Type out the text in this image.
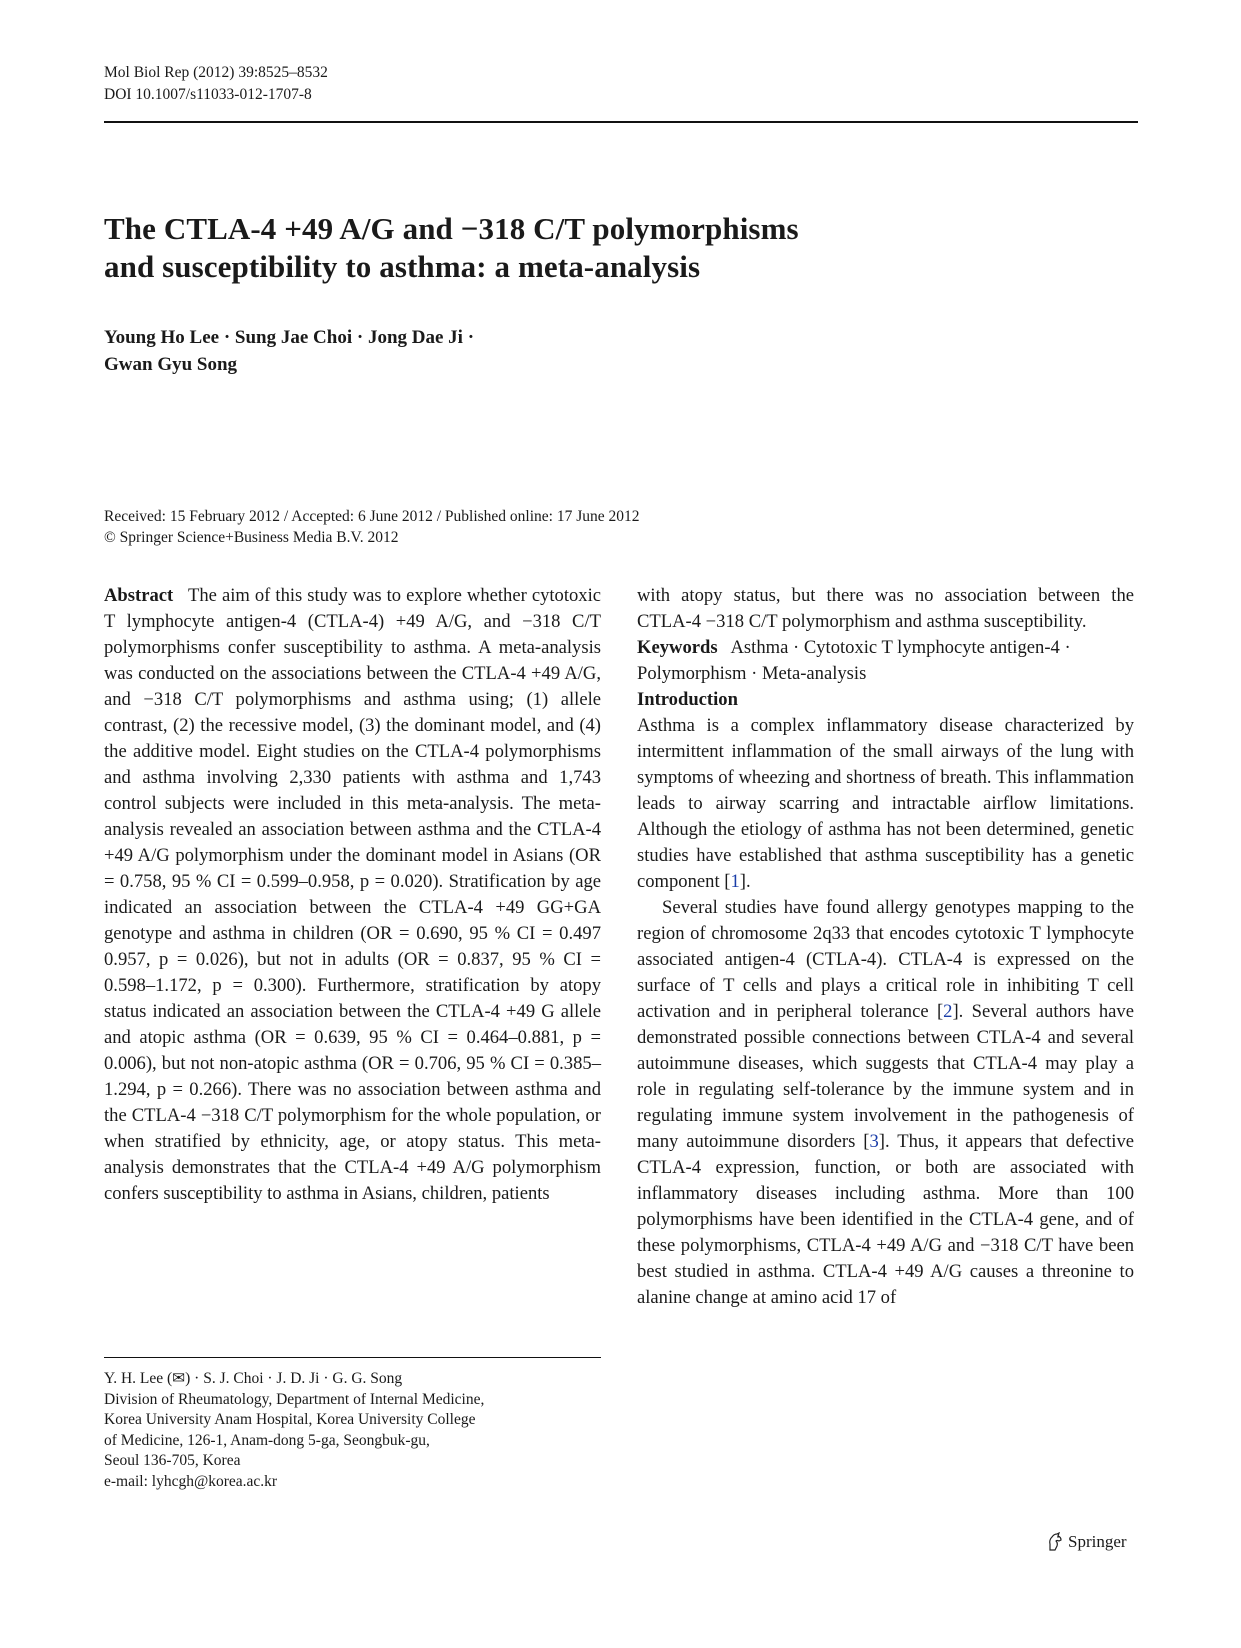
Mol Biol Rep (2012) 39:8525–8532
DOI 10.1007/s11033-012-1707-8
The CTLA-4 +49 A/G and −318 C/T polymorphisms
and susceptibility to asthma: a meta-analysis
Young Ho Lee · Sung Jae Choi · Jong Dae Ji ·
Gwan Gyu Song
Received: 15 February 2012 / Accepted: 6 June 2012 / Published online: 17 June 2012
© Springer Science+Business Media B.V. 2012

Abstract The aim of this study was to explore whether cytotoxic T lymphocyte antigen-4 (CTLA-4) +49 A/G, and −318 C/T polymorphisms confer susceptibility to asthma. A meta-analysis was conducted on the associations between the CTLA-4 +49 A/G, and −318 C/T polymorphisms and asthma using; (1) allele contrast, (2) the recessive model, (3) the dominant model, and (4) the additive model. Eight studies on the CTLA-4 polymorphisms and asthma involving 2,330 patients with asthma and 1,743 control subjects were included in this meta-analysis. The meta-analysis revealed an association between asthma and the CTLA-4 +49 A/G polymorphism under the dominant model in Asians (OR = 0.758, 95 % CI = 0.599–0.958, p = 0.020). Stratification by age indicated an association between the CTLA-4 +49 GG+GA genotype and asthma in children (OR = 0.690, 95 % CI = 0.497 0.957, p = 0.026), but not in adults (OR = 0.837, 95 % CI = 0.598–1.172, p = 0.300). Furthermore, stratification by atopy status indicated an association between the CTLA-4 +49 G allele and atopic asthma (OR = 0.639, 95 % CI = 0.464–0.881, p = 0.006), but not non-atopic asthma (OR = 0.706, 95 % CI = 0.385–1.294, p = 0.266). There was no association between asthma and the CTLA-4 −318 C/T polymorphism for the whole population, or when stratified by ethnicity, age, or atopy status. This meta-analysis demonstrates that the CTLA-4 +49 A/G polymorphism confers susceptibility to asthma in Asians, children, patients

with atopy status, but there was no association between the CTLA-4 −318 C/T polymorphism and asthma susceptibility.

Keywords Asthma · Cytotoxic T lymphocyte antigen-4 · Polymorphism · Meta-analysis

Introduction

Asthma is a complex inflammatory disease characterized by intermittent inflammation of the small airways of the lung with symptoms of wheezing and shortness of breath. This inflammation leads to airway scarring and intractable airflow limitations. Although the etiology of asthma has not been determined, genetic studies have established that asthma susceptibility has a genetic component [1].

Several studies have found allergy genotypes mapping to the region of chromosome 2q33 that encodes cytotoxic T lymphocyte associated antigen-4 (CTLA-4). CTLA-4 is expressed on the surface of T cells and plays a critical role in inhibiting T cell activation and in peripheral tolerance [2]. Several authors have demonstrated possible connections between CTLA-4 and several autoimmune diseases, which suggests that CTLA-4 may play a role in regulating self-tolerance by the immune system and in regulating immune system involvement in the pathogenesis of many autoimmune disorders [3]. Thus, it appears that defective CTLA-4 expression, function, or both are associated with inflammatory diseases including asthma. More than 100 polymorphisms have been identified in the CTLA-4 gene, and of these polymorphisms, CTLA-4 +49 A/G and −318 C/T have been best studied in asthma. CTLA-4 +49 A/G causes a threonine to alanine change at amino acid 17 of

Y. H. Lee (✉) · S. J. Choi · J. D. Ji · G. G. Song
Division of Rheumatology, Department of Internal Medicine,
Korea University Anam Hospital, Korea University College
of Medicine, 126-1, Anam-dong 5-ga, Seongbuk-gu,
Seoul 136-705, Korea
e-mail: lyhcgh@korea.ac.kr
Springer
